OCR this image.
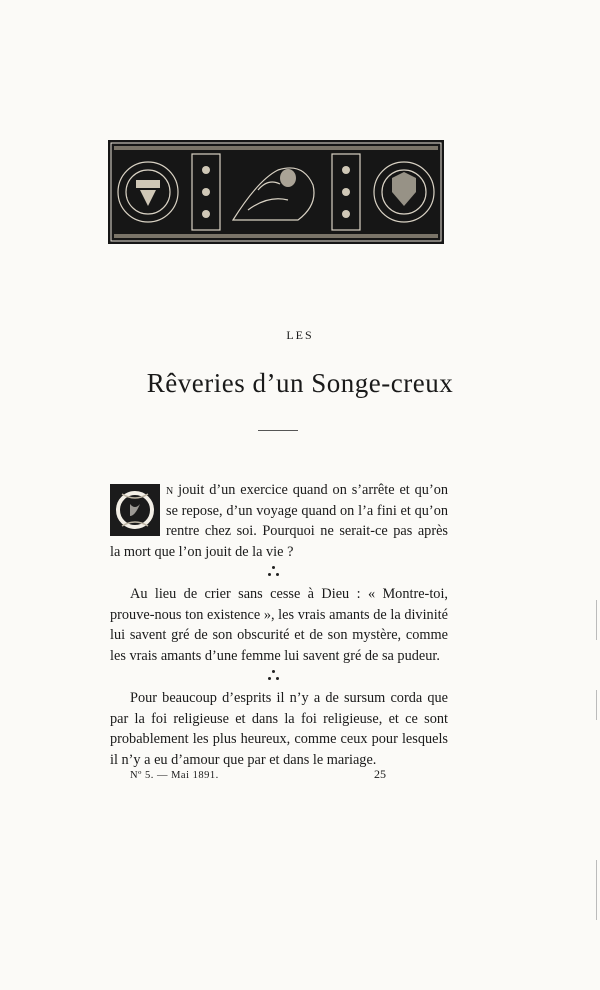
LES
Rêveries d’un Songe-creux

n jouit d’un exercice quand on s’arrête et qu’on se repose, d’un voyage quand on l’a fini et qu’on rentre chez soi. Pourquoi ne serait-ce pas après la mort que l’on jouit de la vie ?

Au lieu de crier sans cesse à Dieu : « Montre-toi, prouve-nous ton existence », les vrais amants de la divinité lui savent gré de son obscurité et de son mystère, comme les vrais amants d’une femme lui savent gré de sa pudeur.

Pour beaucoup d’esprits il n’y a de sursum corda que par la foi religieuse et dans la foi religieuse, et ce sont probablement les plus heureux, comme ceux pour lesquels il n’y a eu d’amour que par et dans le mariage.

Nº 5. — Mai 1891.	25
